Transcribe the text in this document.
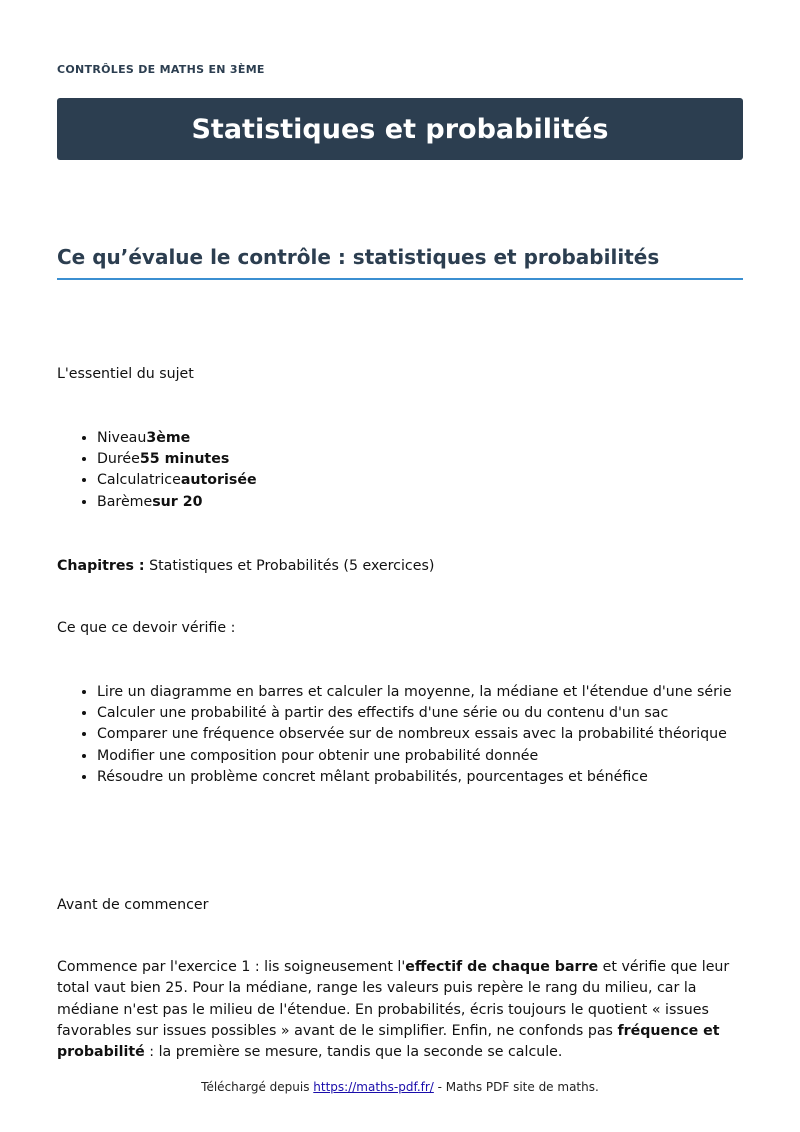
CONTRÔLES DE MATHS EN 3ÈME
Statistiques et probabilités
Ce qu’évalue le contrôle : statistiques et probabilités

L'essentiel du sujet

• Niveau3ème
• Durée55 minutes
• Calculatriceautorisée
• Barèmesur 20

Chapitres : Statistiques et Probabilités (5 exercices)

Ce que ce devoir vérifie :

• Lire un diagramme en barres et calculer la moyenne, la médiane et l'étendue d'une série
• Calculer une probabilité à partir des effectifs d'une série ou du contenu d'un sac
• Comparer une fréquence observée sur de nombreux essais avec la probabilité théorique
• Modifier une composition pour obtenir une probabilité donnée
• Résoudre un problème concret mêlant probabilités, pourcentages et bénéfice

Avant de commencer

Commence par l'exercice 1 : lis soigneusement l'effectif de chaque barre et vérifie que leur total vaut bien 25. Pour la médiane, range les valeurs puis repère le rang du milieu, car la médiane n'est pas le milieu de l'étendue. En probabilités, écris toujours le quotient « issues favorables sur issues possibles » avant de le simplifier. Enfin, ne confonds pas fréquence et probabilité : la première se mesure, tandis que la seconde se calcule.

Téléchargé depuis https://maths-pdf.fr/ - Maths PDF site de maths.
